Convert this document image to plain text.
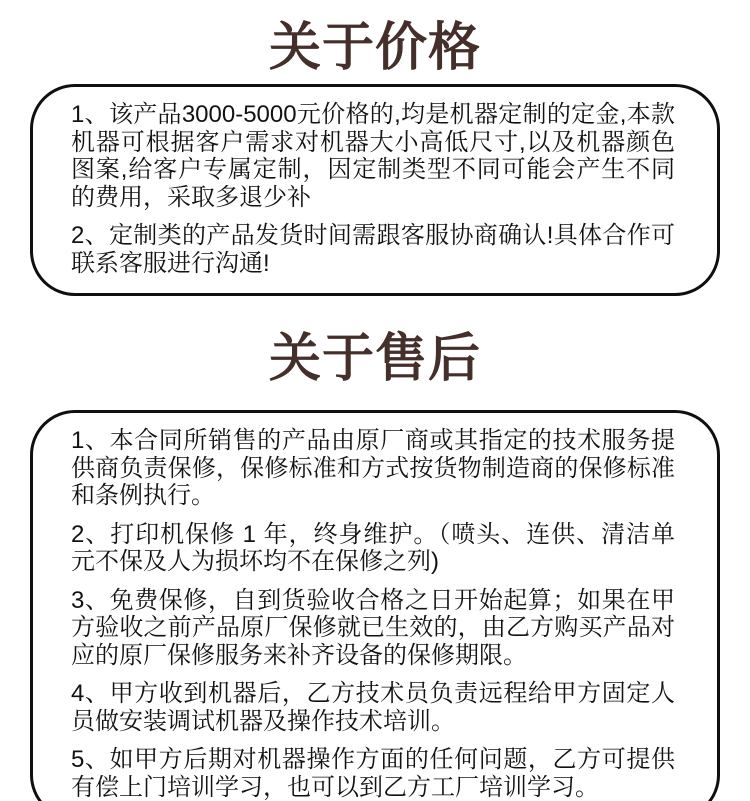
关于价格

1、该产品3000-5000元价格的,均是机器定制的定金,本款机器可根据客户需求对机器大小高低尺寸,以及机器颜色图案,给客户专属定制，因定制类型不同可能会产生不同的费用，采取多退少补

2、定制类的产品发货时间需跟客服协商确认!具体合作可联系客服进行沟通!

关于售后

1、本合同所销售的产品由原厂商或其指定的技术服务提供商负责保修，保修标准和方式按货物制造商的保修标准和条例执行。

2、打印机保修 1 年，终身维护。（喷头、连供、清洁单元不保及人为损坏均不在保修之列)

3、免费保修，自到货验收合格之日开始起算；如果在甲方验收之前产品原厂保修就已生效的，由乙方购买产品对应的原厂保修服务来补齐设备的保修期限。

4、甲方收到机器后，乙方技术员负责远程给甲方固定人员做安装调试机器及操作技术培训。

5、如甲方后期对机器操作方面的任何问题，乙方可提供有偿上门培训学习，也可以到乙方工厂培训学习。
